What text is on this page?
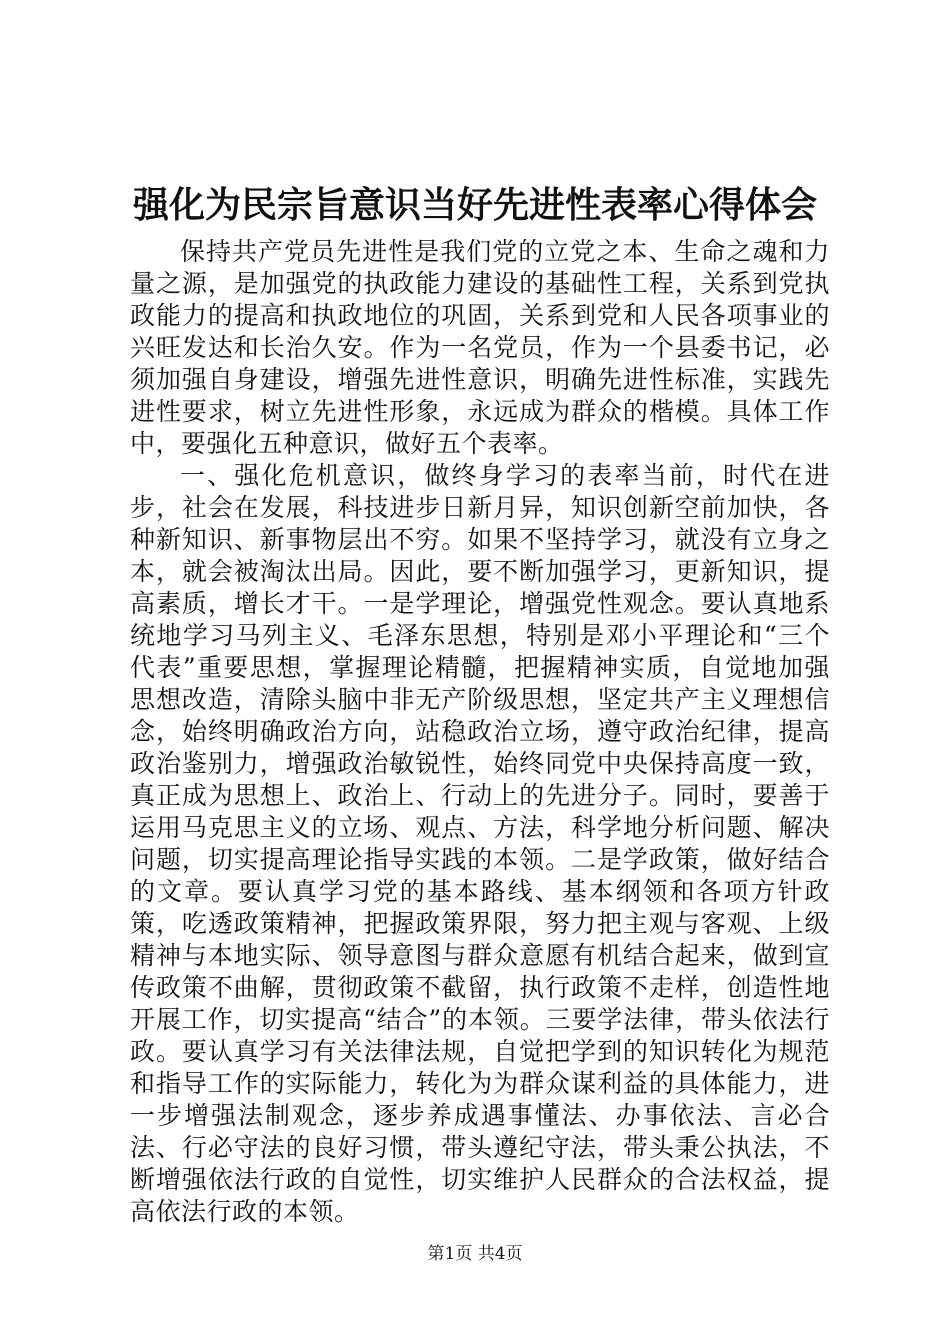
强化为民宗旨意识当好先进性表率心得体会

保持共产党员先进性是我们党的立党之本、生命之魂和力量之源，是加强党的执政能力建设的基础性工程，关系到党执政能力的提高和执政地位的巩固，关系到党和人民各项事业的兴旺发达和长治久安。作为一名党员，作为一个县委书记，必须加强自身建设，增强先进性意识，明确先进性标准，实践先进性要求，树立先进性形象，永远成为群众的楷模。具体工作中，要强化五种意识，做好五个表率。

一、强化危机意识，做终身学习的表率当前，时代在进步，社会在发展，科技进步日新月异，知识创新空前加快，各种新知识、新事物层出不穷。如果不坚持学习，就没有立身之本，就会被淘汰出局。因此，要不断加强学习，更新知识，提高素质，增长才干。一是学理论，增强党性观念。要认真地系统地学习马列主义、毛泽东思想，特别是邓小平理论和“三个代表”重要思想，掌握理论精髓，把握精神实质，自觉地加强思想改造，清除头脑中非无产阶级思想，坚定共产主义理想信念，始终明确政治方向，站稳政治立场，遵守政治纪律，提高政治鉴别力，增强政治敏锐性，始终同党中央保持高度一致，真正成为思想上、政治上、行动上的先进分子。同时，要善于运用马克思主义的立场、观点、方法，科学地分析问题、解决问题，切实提高理论指导实践的本领。二是学政策，做好结合的文章。要认真学习党的基本路线、基本纲领和各项方针政策，吃透政策精神，把握政策界限，努力把主观与客观、上级精神与本地实际、领导意图与群众意愿有机结合起来，做到宣传政策不曲解，贯彻政策不截留，执行政策不走样，创造性地开展工作，切实提高“结合”的本领。三要学法律，带头依法行政。要认真学习有关法律法规，自觉把学到的知识转化为规范和指导工作的实际能力，转化为为群众谋利益的具体能力，进一步增强法制观念，逐步养成遇事懂法、办事依法、言必合法、行必守法的良好习惯，带头遵纪守法，带头秉公执法，不断增强依法行政的自觉性，切实维护人民群众的合法权益，提高依法行政的本领。

第1页 共4页
